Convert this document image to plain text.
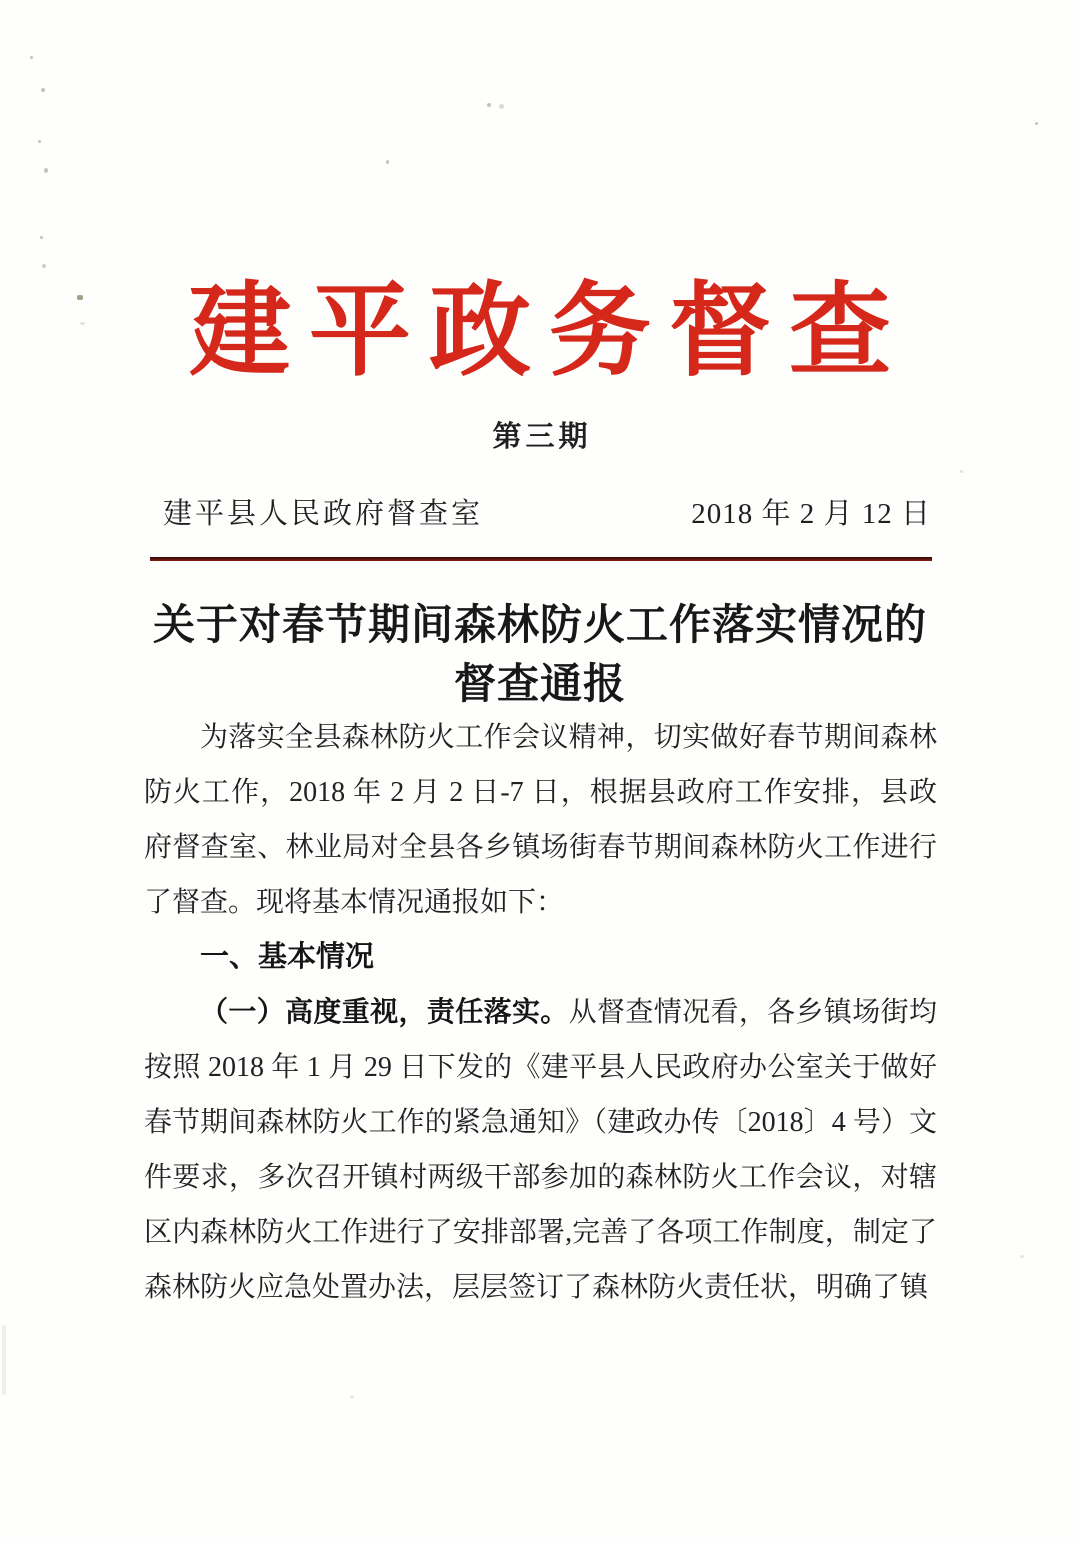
建平政务督查
第三期
建平县人民政府督查室	2018 年 2 月 12 日
关于对春节期间森林防火工作落实情况的
督查通报

为落实全县森林防火工作会议精神，切实做好春节期间森林防火工作，2018 年 2 月 2 日-7 日，根据县政府工作安排，县政府督查室、林业局对全县各乡镇场街春节期间森林防火工作进行了督查。现将基本情况通报如下：

一、基本情况

（一）高度重视，责任落实。从督查情况看，各乡镇场街均按照 2018 年 1 月 29 日下发的《建平县人民政府办公室关于做好春节期间森林防火工作的紧急通知》（建政办传〔2018〕4 号）文件要求，多次召开镇村两级干部参加的森林防火工作会议，对辖区内森林防火工作进行了安排部署,完善了各项工作制度，制定了森林防火应急处置办法，层层签订了森林防火责任状，明确了镇
